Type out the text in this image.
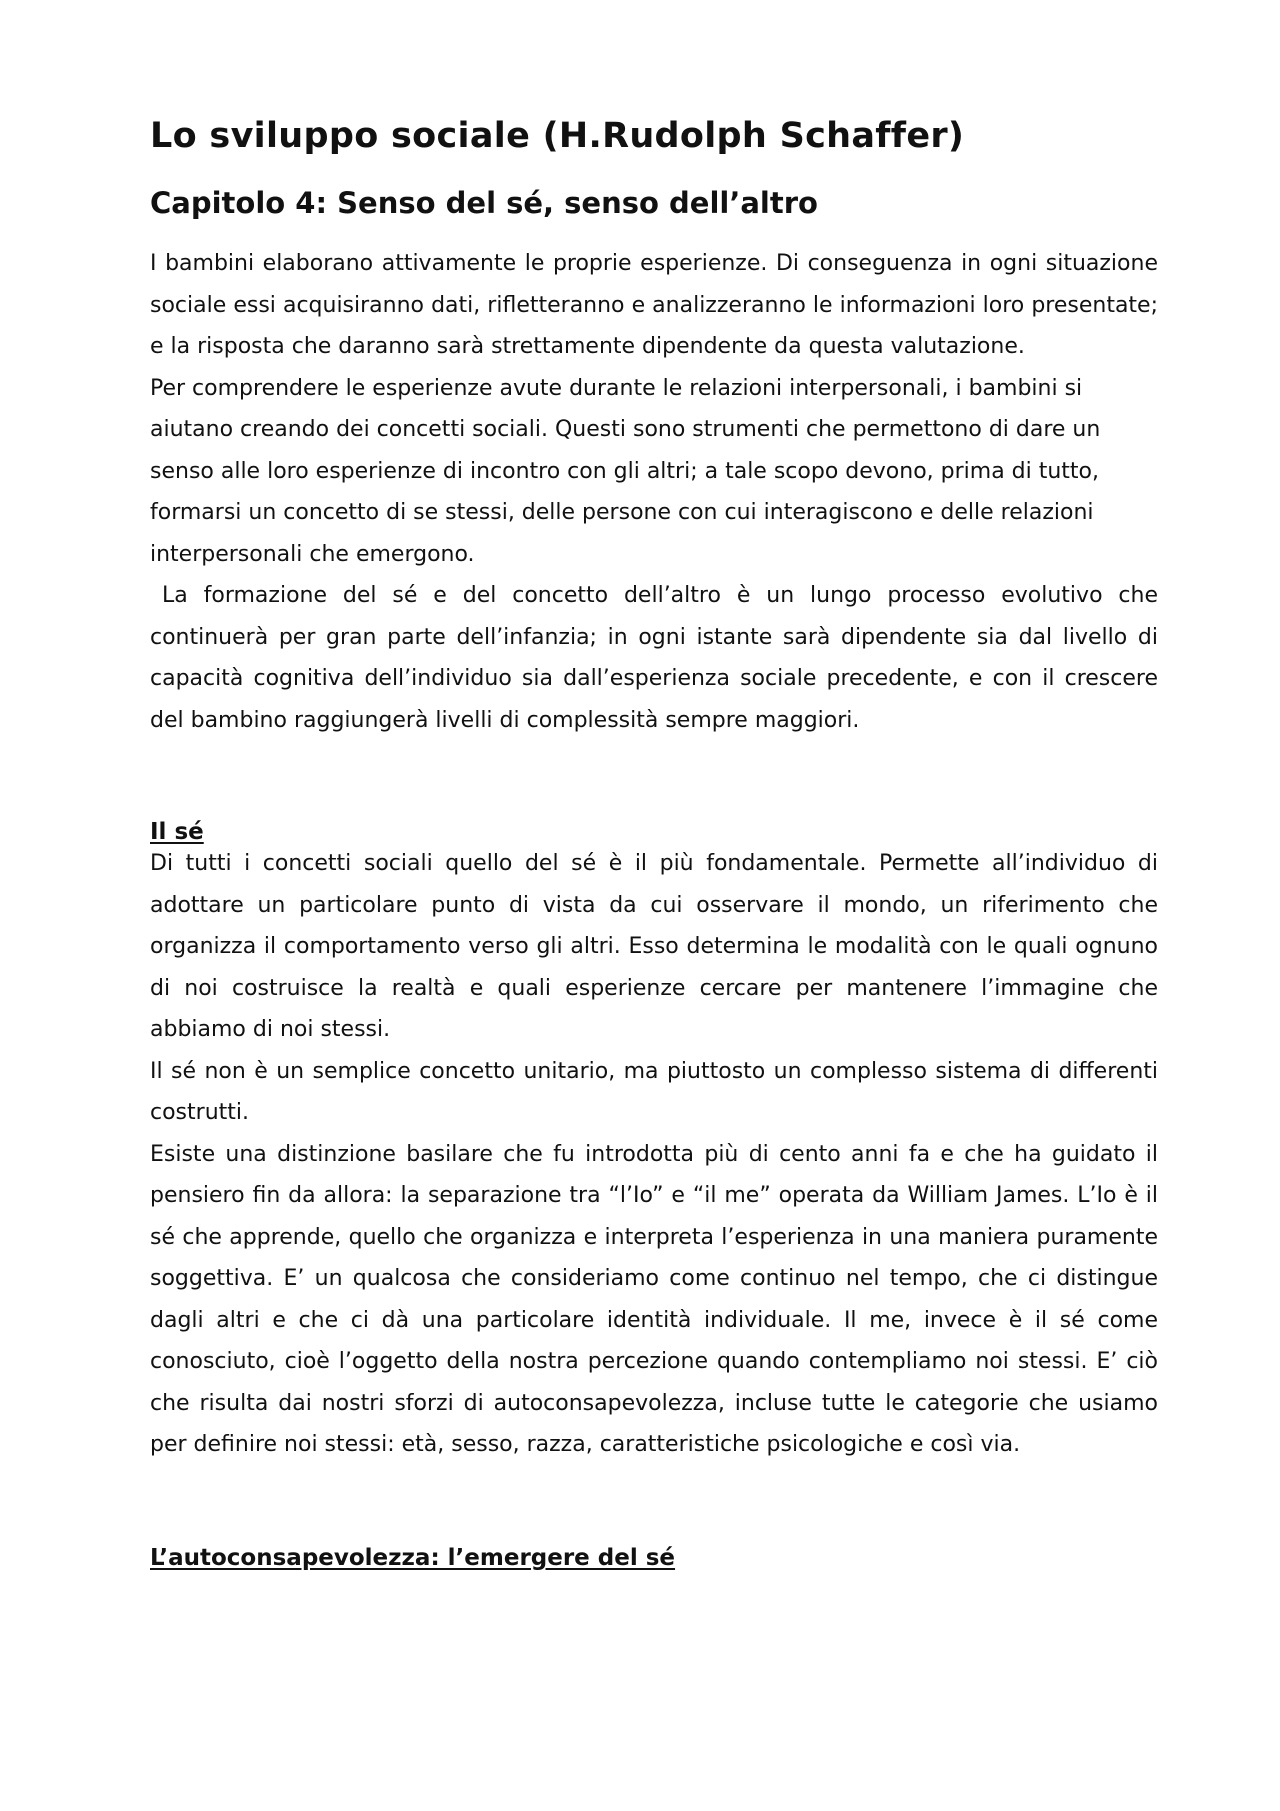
Lo sviluppo sociale (H.Rudolph Schaffer)
Capitolo 4: Senso del sé, senso dell’altro

I bambini elaborano attivamente le proprie esperienze. Di conseguenza in ogni situazione sociale essi acquisiranno dati, rifletteranno e analizzeranno le informazioni loro presentate; e la risposta che daranno sarà strettamente dipendente da questa valutazione.

Per comprendere le esperienze avute durante le relazioni interpersonali, i bambini si aiutano creando dei concetti sociali. Questi sono strumenti che permettono di dare un senso alle loro esperienze di incontro con gli altri; a tale scopo devono, prima di tutto, formarsi un concetto di se stessi, delle persone con cui interagiscono e delle relazioni interpersonali che emergono.

La formazione del sé e del concetto dell’altro è un lungo processo evolutivo che continuerà per gran parte dell’infanzia; in ogni istante sarà dipendente sia dal livello di capacità cognitiva dell’individuo sia dall’esperienza sociale precedente, e con il crescere del bambino raggiungerà livelli di complessità sempre maggiori.

Il sé

Di tutti i concetti sociali quello del sé è il più fondamentale. Permette all’individuo di adottare un particolare punto di vista da cui osservare il mondo, un riferimento che organizza il comportamento verso gli altri. Esso determina le modalità con le quali ognuno di noi costruisce la realtà e quali esperienze cercare per mantenere l’immagine che abbiamo di noi stessi.

Il sé non è un semplice concetto unitario, ma piuttosto un complesso sistema di differenti costrutti.

Esiste una distinzione basilare che fu introdotta più di cento anni fa e che ha guidato il pensiero fin da allora: la separazione tra “l’Io” e “il me” operata da William James. L’Io è il sé che apprende, quello che organizza e interpreta l’esperienza in una maniera puramente soggettiva. E’ un qualcosa che consideriamo come continuo nel tempo, che ci distingue dagli altri e che ci dà una particolare identità individuale. Il me, invece è il sé come conosciuto, cioè l’oggetto della nostra percezione quando contempliamo noi stessi. E’ ciò che risulta dai nostri sforzi di autoconsapevolezza, incluse tutte le categorie che usiamo per definire noi stessi: età, sesso, razza, caratteristiche psicologiche e così via.

L’autoconsapevolezza: l’emergere del sé
